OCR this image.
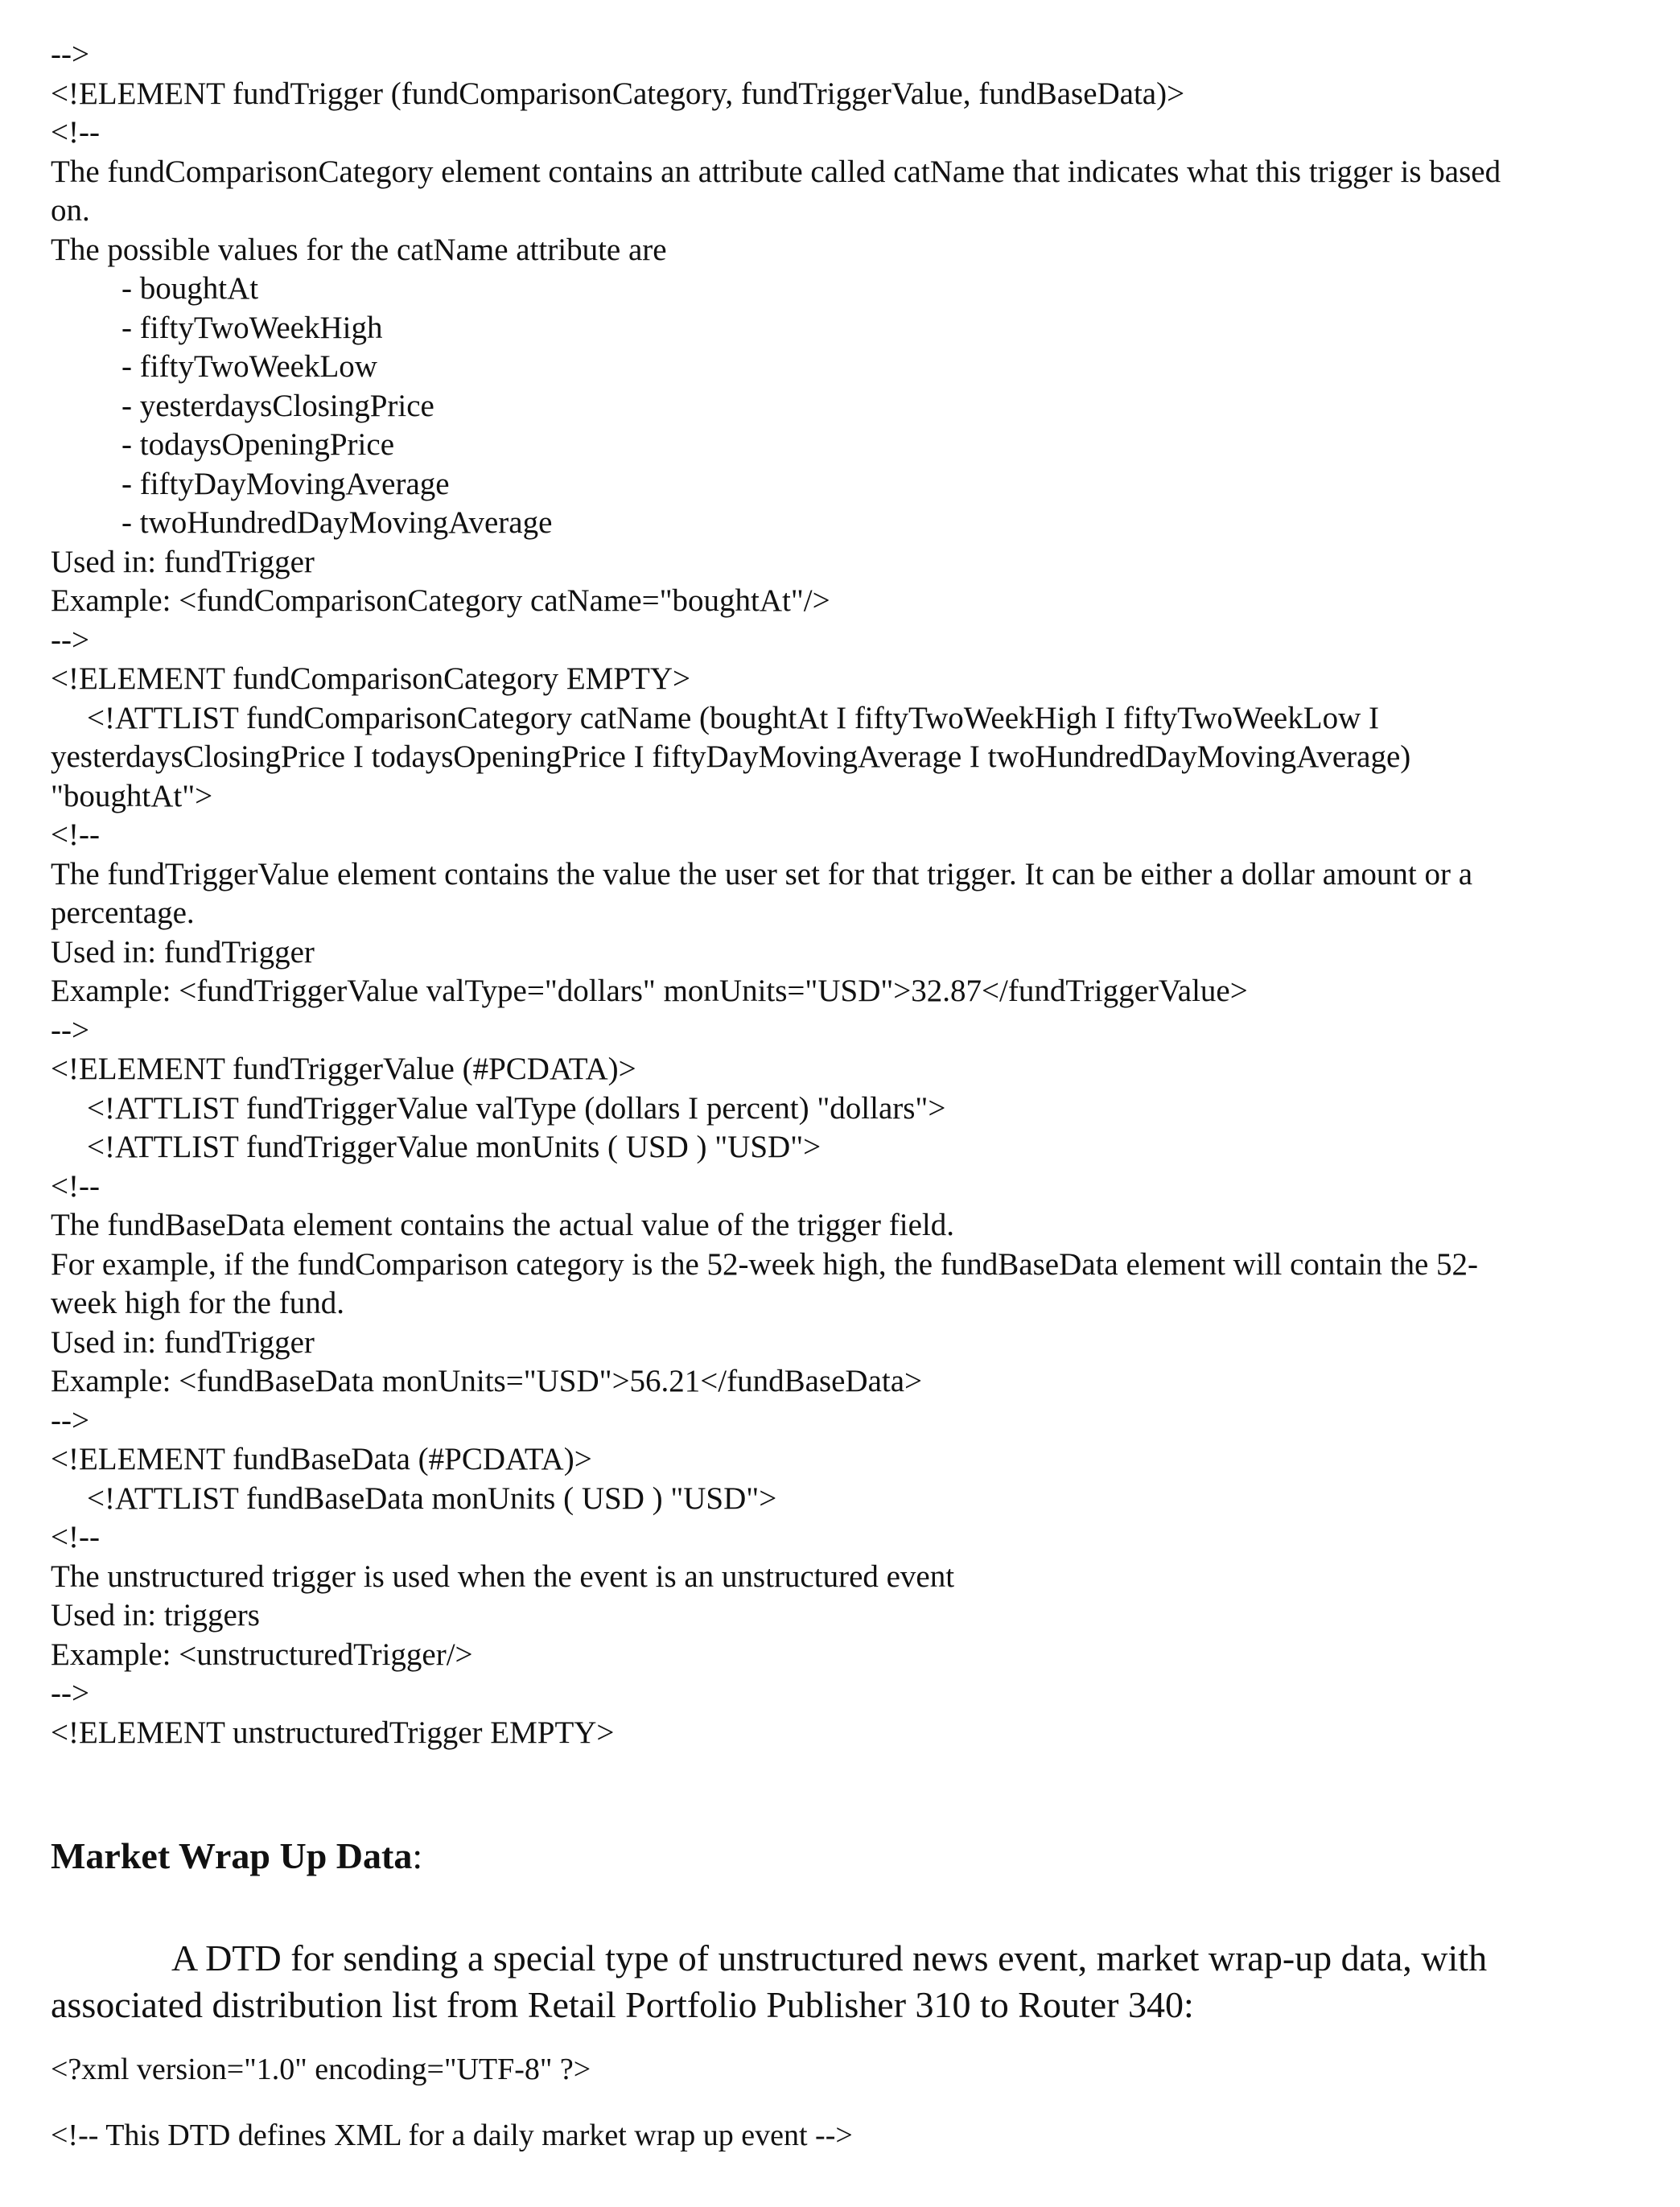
-->
<!ELEMENT fundTrigger (fundComparisonCategory, fundTriggerValue, fundBaseData)>
<!--
The fundComparisonCategory element contains an attribute called catName that indicates what this trigger is based
on.
The possible values for the catName attribute are
- boughtAt
- fiftyTwoWeekHigh
- fiftyTwoWeekLow
- yesterdaysClosingPrice
- todaysOpeningPrice
- fiftyDayMovingAverage
- twoHundredDayMovingAverage
Used in: fundTrigger
Example: <fundComparisonCategory catName="boughtAt"/>
-->
<!ELEMENT fundComparisonCategory EMPTY>
<!ATTLIST fundComparisonCategory catName (boughtAt I fiftyTwoWeekHigh I fiftyTwoWeekLow I
yesterdaysClosingPrice I todaysOpeningPrice I fiftyDayMovingAverage I twoHundredDayMovingAverage)
"boughtAt">
<!--
The fundTriggerValue element contains the value the user set for that trigger. It can be either a dollar amount or a
percentage.
Used in: fundTrigger
Example: <fundTriggerValue valType="dollars" monUnits="USD">32.87</fundTriggerValue>
-->
<!ELEMENT fundTriggerValue (#PCDATA)>
<!ATTLIST fundTriggerValue valType (dollars I percent) "dollars">
<!ATTLIST fundTriggerValue monUnits ( USD ) "USD">
<!--
The fundBaseData element contains the actual value of the trigger field.
For example, if the fundComparison category is the 52-week high, the fundBaseData element will contain the 52-
week high for the fund.
Used in: fundTrigger
Example: <fundBaseData monUnits="USD">56.21</fundBaseData>
-->
<!ELEMENT fundBaseData (#PCDATA)>
<!ATTLIST fundBaseData monUnits ( USD ) "USD">
<!--
The unstructured trigger is used when the event is an unstructured event
Used in: triggers
Example: <unstructuredTrigger/>
-->
<!ELEMENT unstructuredTrigger EMPTY>
Market Wrap Up Data:
A DTD for sending a special type of unstructured news event, market wrap-up data, with associated distribution list from Retail Portfolio Publisher 310 to Router 340:
<?xml version="1.0" encoding="UTF-8" ?>
<!-- This DTD defines XML for a daily market wrap up event -->
